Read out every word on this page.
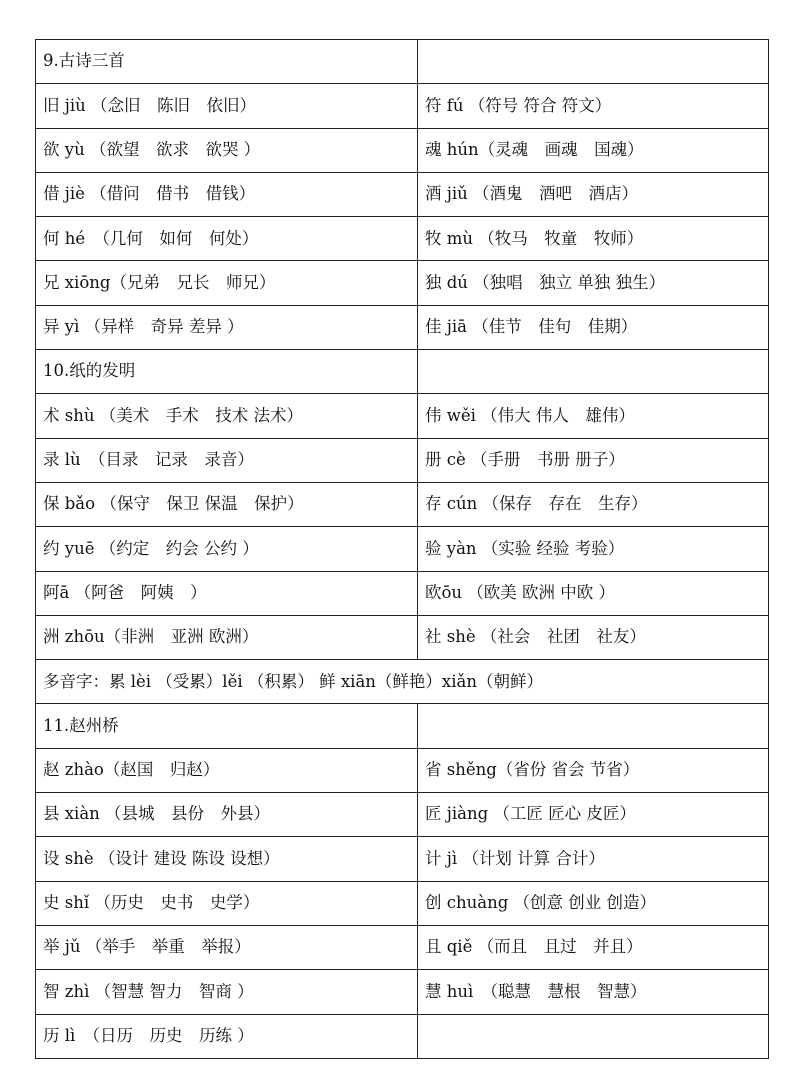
9.古诗三首	
旧 jiù （念旧　陈旧　依旧）	符 fú （符号 符合 符文）
欲 yù （欲望　欲求　欲哭 ）	魂 hún（灵魂　画魂　国魂）
借 jiè （借问　借书　借钱）	酒 jiǔ （酒鬼　酒吧　酒店）
何 hé　（几何　如何　何处）	牧 mù （牧马　牧童　牧师）
兄 xiōng（兄弟　兄长　师兄）	独 dú （独唱　独立 单独 独生）
异 yì （异样　奇异 差异 ）	佳 jiā （佳节　佳句　佳期）
10.纸的发明	
术 shù （美术　手术　技术 法术）	伟 wěi （伟大 伟人　雄伟）
录 lù　（目录　记录　录音）	册 cè （手册　书册 册子）
保 bǎo （保守　保卫 保温　保护）	存 cún （保存　存在　生存）
约 yuē （约定　约会 公约 ）	验 yàn （实验 经验 考验）
阿ā （阿爸　阿姨　）	欧ōu （欧美 欧洲 中欧 ）
洲 zhōu（非洲　亚洲 欧洲）	社 shè （社会　社团　社友）
多音字：累 lèi （受累）lěi （积累） 鲜 xiān（鲜艳）xiǎn（朝鲜）	
11.赵州桥	
赵 zhào（赵国　归赵）	省 shěng（省份 省会 节省）
县 xiàn （县城　县份　外县）	匠 jiàng （工匠 匠心 皮匠）
设 shè （设计 建设 陈设 设想）	计 jì （计划 计算 合计）
史 shǐ （历史　史书　史学）	创 chuàng （创意 创业 创造）
举 jǔ （举手　举重　举报）	且 qiě （而且　且过　并且）
智 zhì （智慧 智力　智商 ）	慧 huì　（聪慧　慧根　智慧）
历 lì　（日历　历史　历练 ）	
